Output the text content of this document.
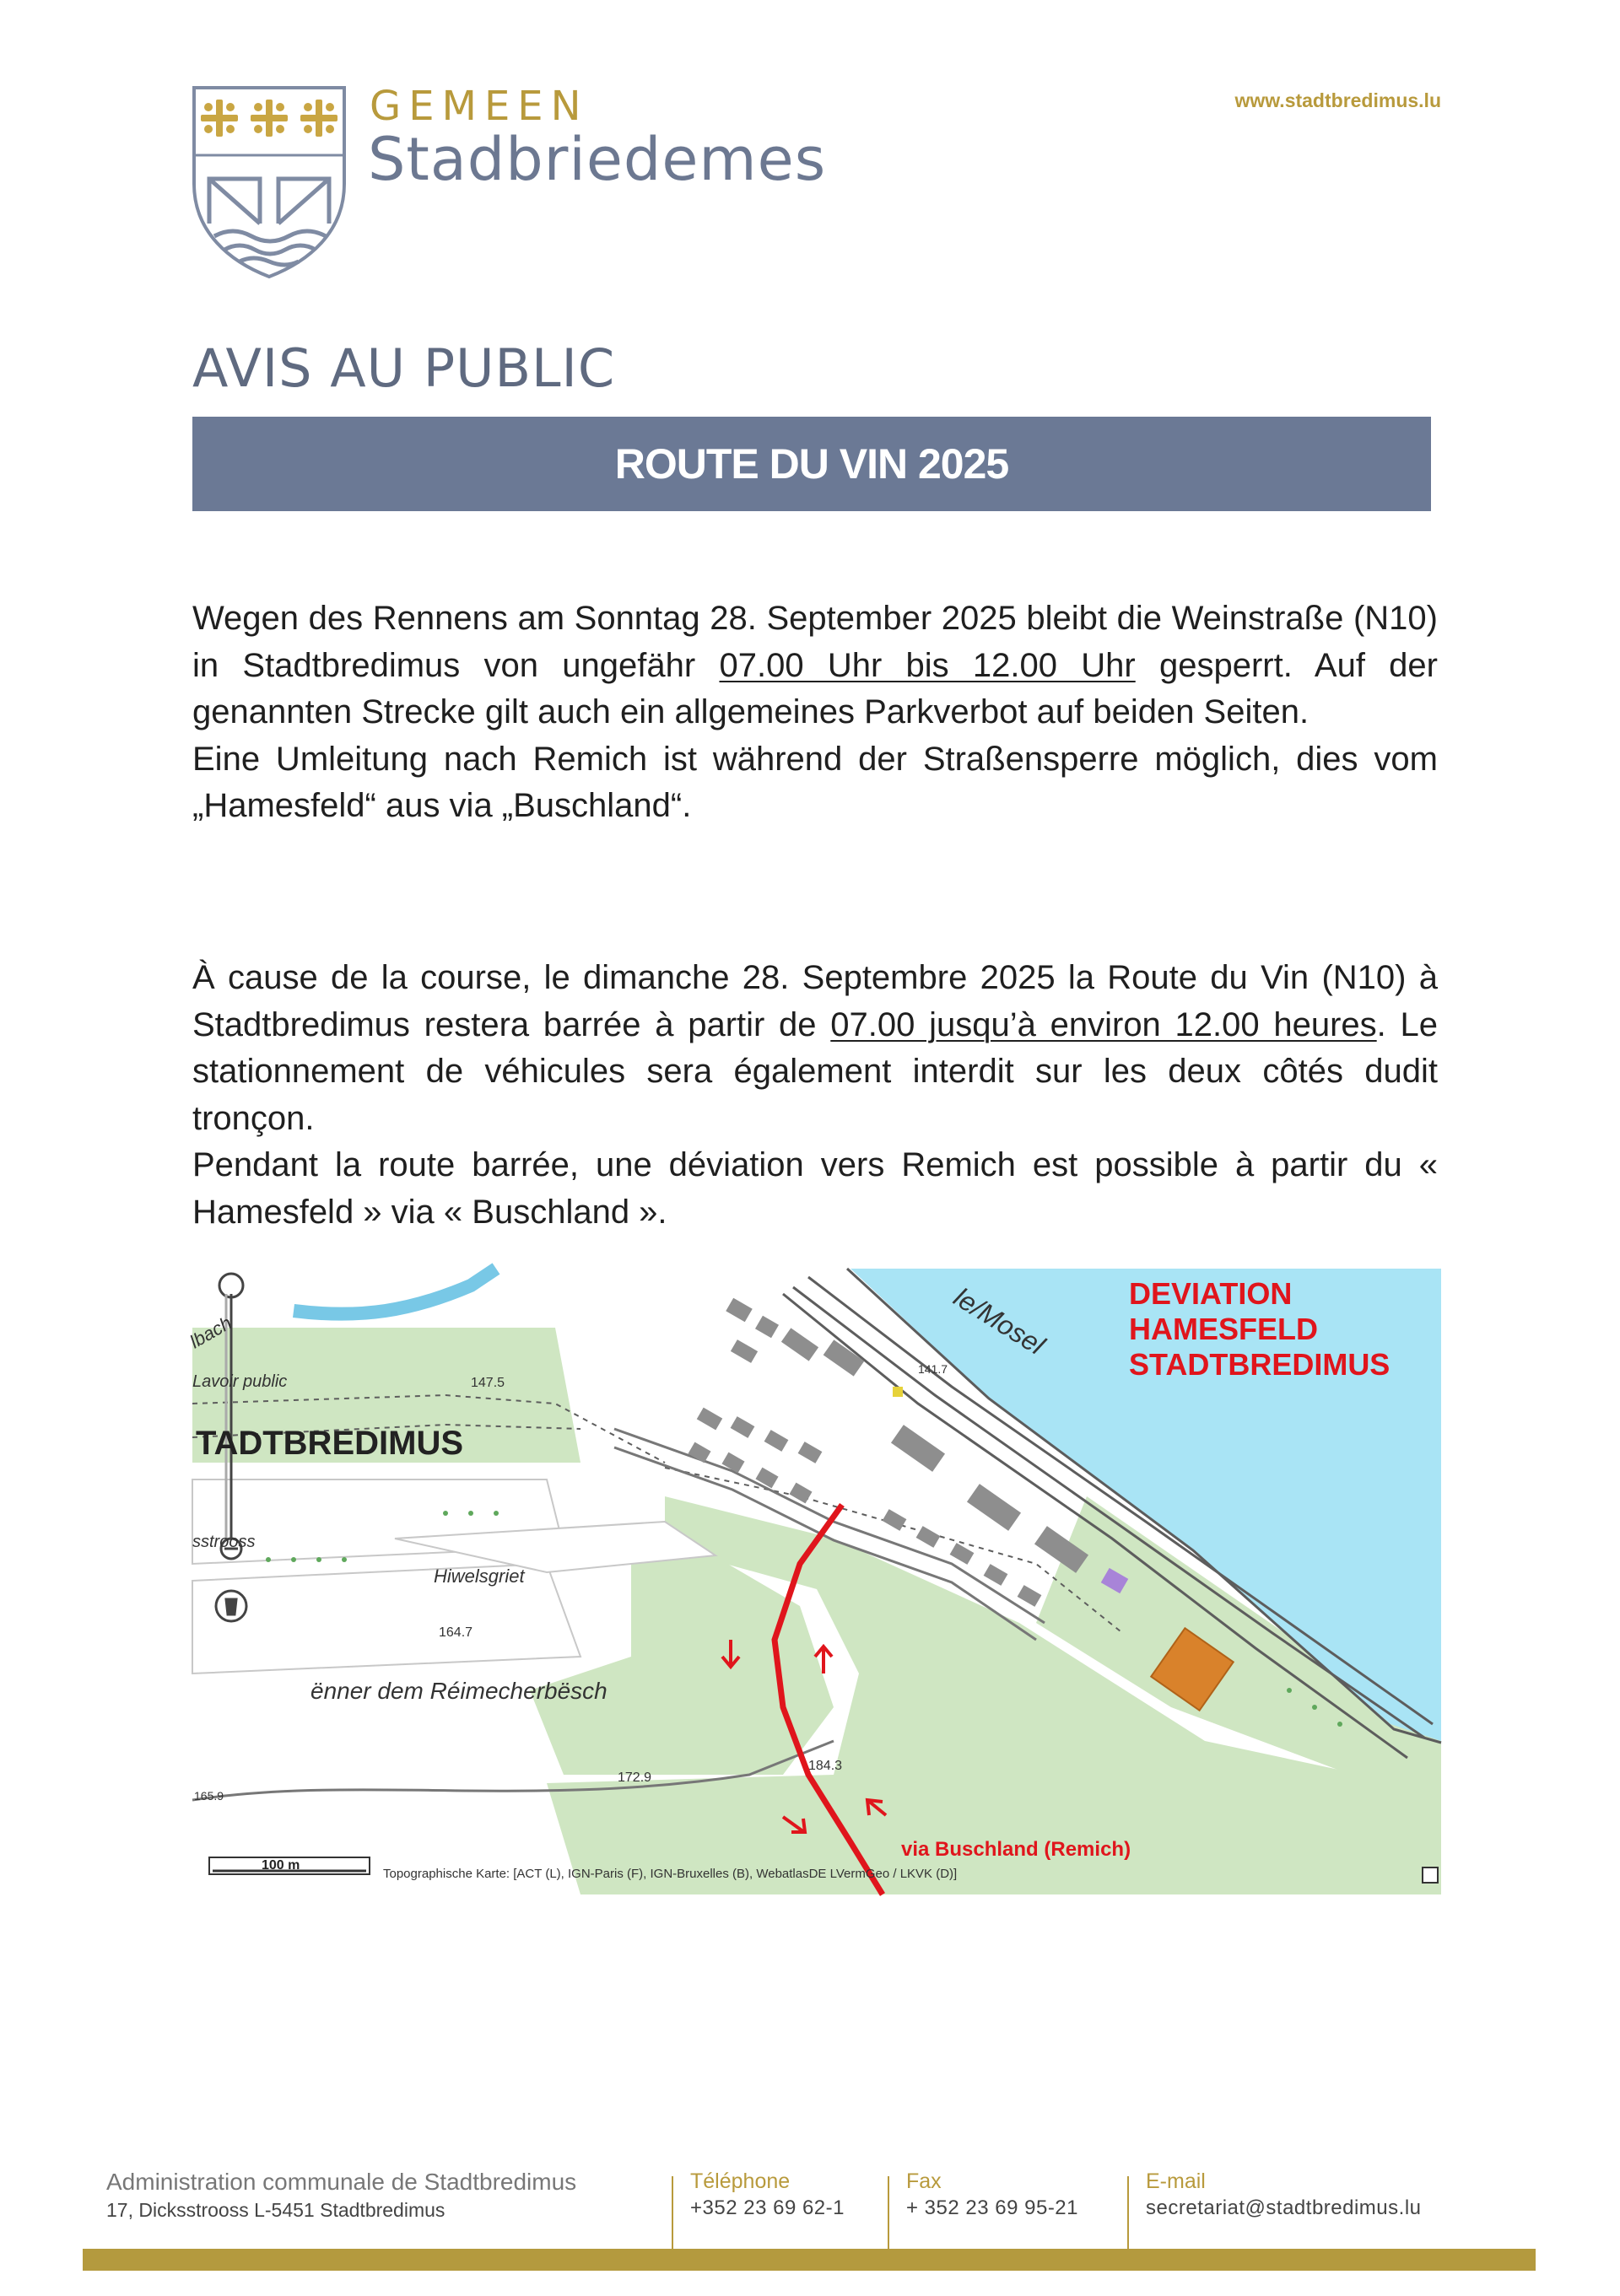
GEMEEN
Stadbriedemes
www.stadtbredimus.lu
AVIS AU PUBLIC
ROUTE DU VIN 2025

Wegen des Rennens am Sonntag 28. September 2025 bleibt die Weinstraße (N10) in Stadtbredimus von ungefähr 07.00 Uhr bis 12.00 Uhr gesperrt. Auf der genannten Strecke gilt auch ein allgemeines Parkverbot auf beiden Seiten.

Eine Umleitung nach Remich ist während der Straßensperre möglich, dies vom „Hamesfeld“ aus via „Buschland“.

À cause de la course, le dimanche 28. Septembre 2025 la Route du Vin (N10) à Stadtbredimus restera barrée à partir de 07.00 jusqu’à environ 12.00 heures. Le stationnement de véhicules sera également interdit sur les deux côtés dudit tronçon.

Pendant la route barrée, une déviation vers Remich est possible à partir du « Hamesfeld » via « Buschland ».

100 m
DEVIATION
HAMESFELD
STADTBREDIMUS
TADTBREDIMUS
le/Mosel
lbach
Lavoir public
sstrooss
Hiwelsgriet
ënner dem Réimecherbësch
147.5
164.7
172.9
184.3
165.9
141.7
via Buschland (Remich)
Topographische Karte: [ACT (L), IGN-Paris (F), IGN-Bruxelles (B), WebatlasDE LVermGeo / LKVK (D)]
Administration communale de Stadtbredimus
17, Dicksstrooss L-5451 Stadtbredimus
Téléphone
+352 23 69 62-1
Fax
+ 352 23 69 95-21
E-mail
secretariat@stadtbredimus.lu
